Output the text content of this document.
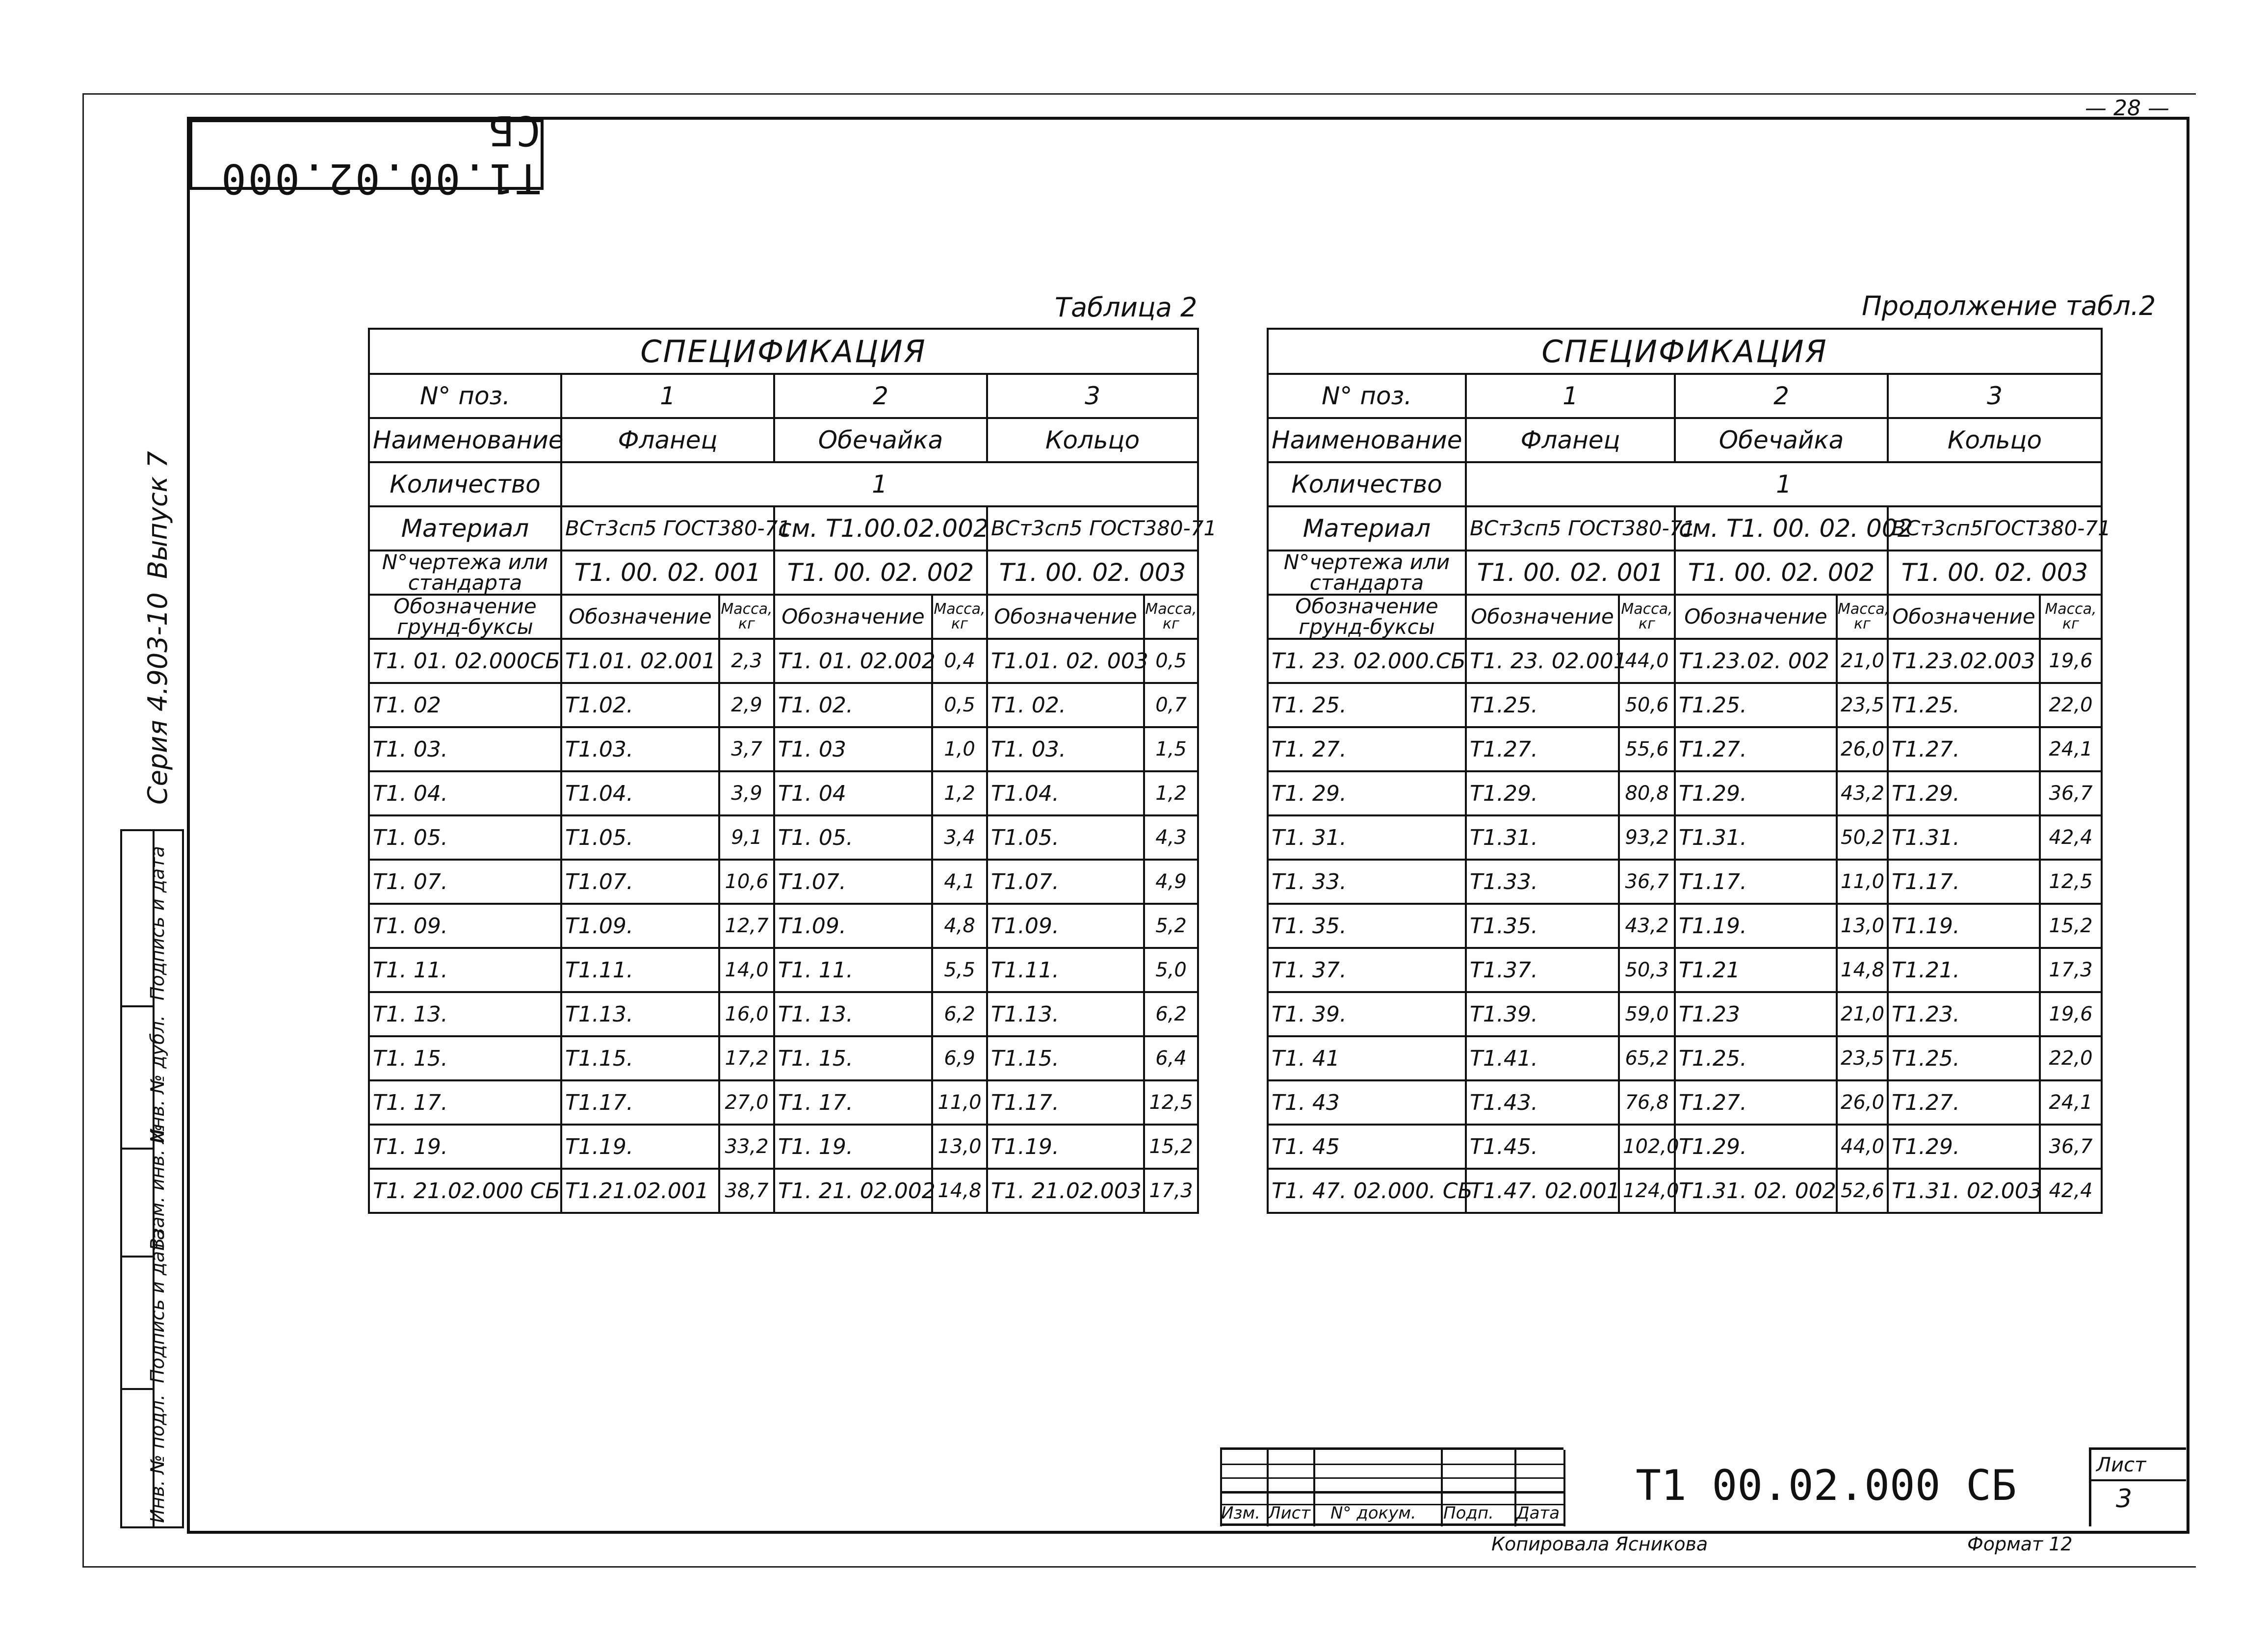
Т1.00.02.000 СБ	— 28 —
Серия 4.903-10
Выпуск 7
Инв. № подл.
Подпись и дата
Взам. инв. №
Инв. № дубл.
Подпись и дата
Таблица 2
СПЕЦИФИКАЦИЯ						
N° поз.	1		2		3	
Наименование	Фланец		Обечайка		Кольцо	
Количество	1					
Материал	ВСт3сп5 ГОСТ380-71		см. Т1.00.02.002		ВСт3сп5 ГОСТ380-71	
N°чертежа или стандарта	Т1. 00. 02. 001		Т1. 00. 02. 002		Т1. 00. 02. 003	
Обозначение грунд-буксы	Обозначение	Масса, кг	Обозначение	Масса, кг	Обозначение	Масса, кг
Т1. 01. 02.000СБ	Т1.01. 02.001	2,3	Т1. 01. 02.002	0,4	Т1.01. 02. 003	0,5
Т1. 02	Т1.02.	2,9	Т1. 02.	0,5	Т1. 02.	0,7
Т1. 03.	Т1.03.	3,7	Т1. 03	1,0	Т1. 03.	1,5
Т1. 04.	Т1.04.	3,9	Т1. 04	1,2	Т1.04.	1,2
Т1. 05.	Т1.05.	9,1	Т1. 05.	3,4	Т1.05.	4,3
Т1. 07.	Т1.07.	10,6	Т1.07.	4,1	Т1.07.	4,9
Т1. 09.	Т1.09.	12,7	Т1.09.	4,8	Т1.09.	5,2
Т1. 11.	Т1.11.	14,0	Т1. 11.	5,5	Т1.11.	5,0
Т1. 13.	Т1.13.	16,0	Т1. 13.	6,2	Т1.13.	6,2
Т1. 15.	Т1.15.	17,2	Т1. 15.	6,9	Т1.15.	6,4
Т1. 17.	Т1.17.	27,0	Т1. 17.	11,0	Т1.17.	12,5
Т1. 19.	Т1.19.	33,2	Т1. 19.	13,0	Т1.19.	15,2
Т1. 21.02.000 СБ	Т1.21.02.001	38,7	Т1. 21. 02.002	14,8	Т1. 21.02.003	17,3
Продолжение табл.2
СПЕЦИФИКАЦИЯ						
N° поз.	1		2		3	
Наименование	Фланец		Обечайка		Кольцо	
Количество	1					
Материал	ВСт3сп5 ГОСТ380-71		см. Т1. 00. 02. 002		ВСт3сп5ГОСТ380-71	
N°чертежа или стандарта	Т1. 00. 02. 001		Т1. 00. 02. 002		Т1. 00. 02. 003	
Обозначение грунд-буксы	Обозначение	Масса, кг	Обозначение	Масса, кг	Обозначение	Масса, кг
Т1. 23. 02.000.СБ	Т1. 23. 02.001	44,0	Т1.23.02. 002	21,0	Т1.23.02.003	19,6
Т1. 25.	Т1.25.	50,6	Т1.25.	23,5	Т1.25.	22,0
Т1. 27.	Т1.27.	55,6	Т1.27.	26,0	Т1.27.	24,1
Т1. 29.	Т1.29.	80,8	Т1.29.	43,2	Т1.29.	36,7
Т1. 31.	Т1.31.	93,2	Т1.31.	50,2	Т1.31.	42,4
Т1. 33.	Т1.33.	36,7	Т1.17.	11,0	Т1.17.	12,5
Т1. 35.	Т1.35.	43,2	Т1.19.	13,0	Т1.19.	15,2
Т1. 37.	Т1.37.	50,3	Т1.21	14,8	Т1.21.	17,3
Т1. 39.	Т1.39.	59,0	Т1.23	21,0	Т1.23.	19,6
Т1. 41	Т1.41.	65,2	Т1.25.	23,5	Т1.25.	22,0
Т1. 43	Т1.43.	76,8	Т1.27.	26,0	Т1.27.	24,1
Т1. 45	Т1.45.	102,0	Т1.29.	44,0	Т1.29.	36,7
Т1. 47. 02.000. СБ	Т1.47. 02.001	124,0	Т1.31. 02. 002	52,6	Т1.31. 02.003	42,4
Изм. Лист N° докум. Подп. Дата
Т1 00.02.000 СБ	Лист
3
Копировала Ясникова	Формат 12
